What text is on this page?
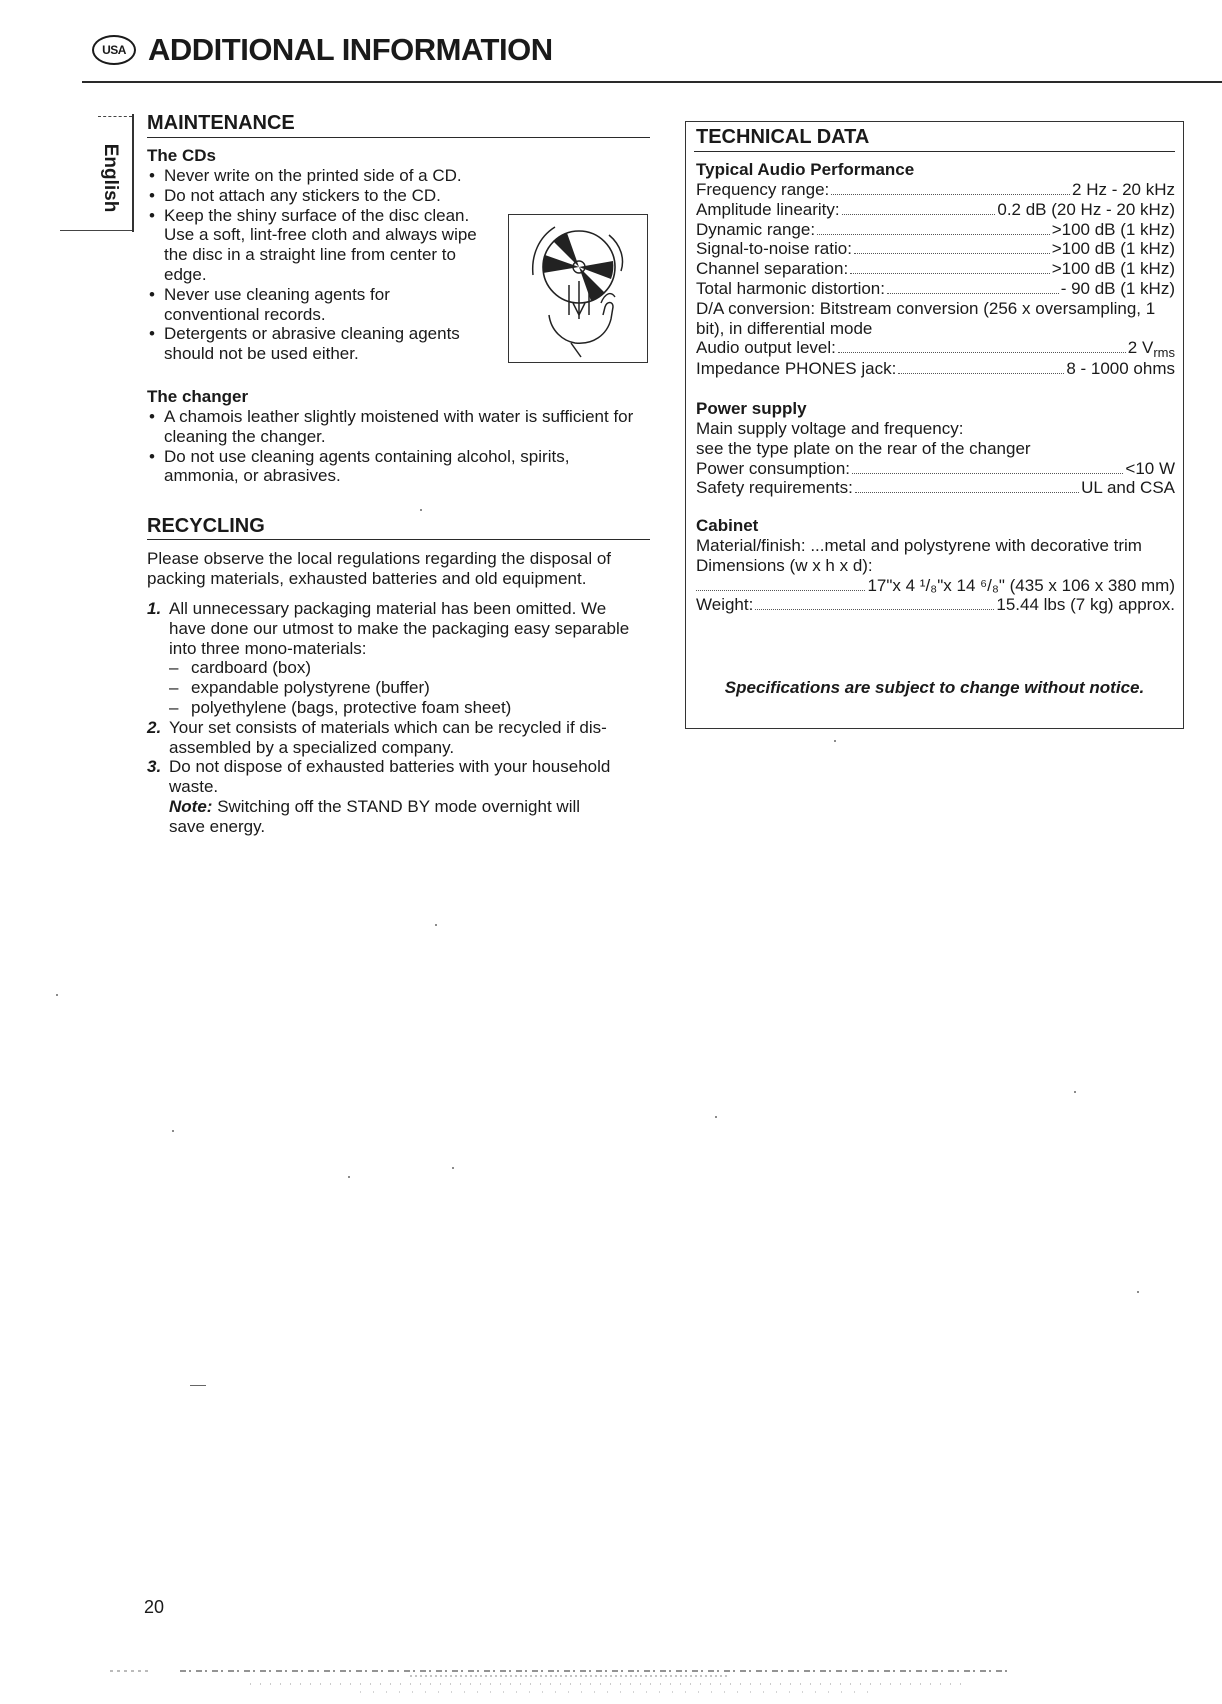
USA ADDITIONAL INFORMATION
English
MAINTENANCE
The CDs
• Never write on the printed side of a CD.
• Do not attach any stickers to the CD.
• Keep the shiny surface of the disc clean. Use a soft, lint-free cloth and always wipe the disc in a straight line from center to edge.
• Never use cleaning agents for conventional records.
• Detergents or abrasive cleaning agents should not be used either.
The changer
• A chamois leather slightly moistened with water is sufficient for cleaning the changer.
• Do not use cleaning agents containing alcohol, spirits, ammonia, or abrasives.
RECYCLING
Please observe the local regulations regarding the disposal of packing materials, exhausted batteries and old equipment.
1. All unnecessary packaging material has been omitted. We have done our utmost to make the packaging easy separable into three mono-materials:
– cardboard (box)
– expandable polystyrene (buffer)
– polyethylene (bags, protective foam sheet)
2. Your set consists of materials which can be recycled if dis-assembled by a specialized company.
3. Do not dispose of exhausted batteries with your household waste.
Note: Switching off the STAND BY mode overnight will save energy.
TECHNICAL DATA
Typical Audio Performance
Frequency range:	2 Hz - 20 kHz
Amplitude linearity:	0.2 dB (20 Hz - 20 kHz)
Dynamic range:	>100 dB (1 kHz)
Signal-to-noise ratio:	>100 dB (1 kHz)
Channel separation:	>100 dB (1 kHz)
Total harmonic distortion:	- 90 dB (1 kHz)
D/A conversion: Bitstream conversion (256 x oversampling, 1 bit), in differential mode
Audio output level:	2 $V_{rms}$
Impedance PHONES jack:	8 - 1000 ohms
Power supply
Main supply voltage and frequency:
see the type plate on the rear of the changer
Power consumption:	<10 W
Safety requirements:	UL and CSA
Cabinet
Material/finish: ...metal and polystyrene with decorative trim
Dimensions (w x h x d):
17"x 4 ¹/₈"x 14 ⁶/₈" (435 x 106 x 380 mm)
Weight:	15.44 lbs (7 kg) approx.
Specifications are subject to change without notice.
20
